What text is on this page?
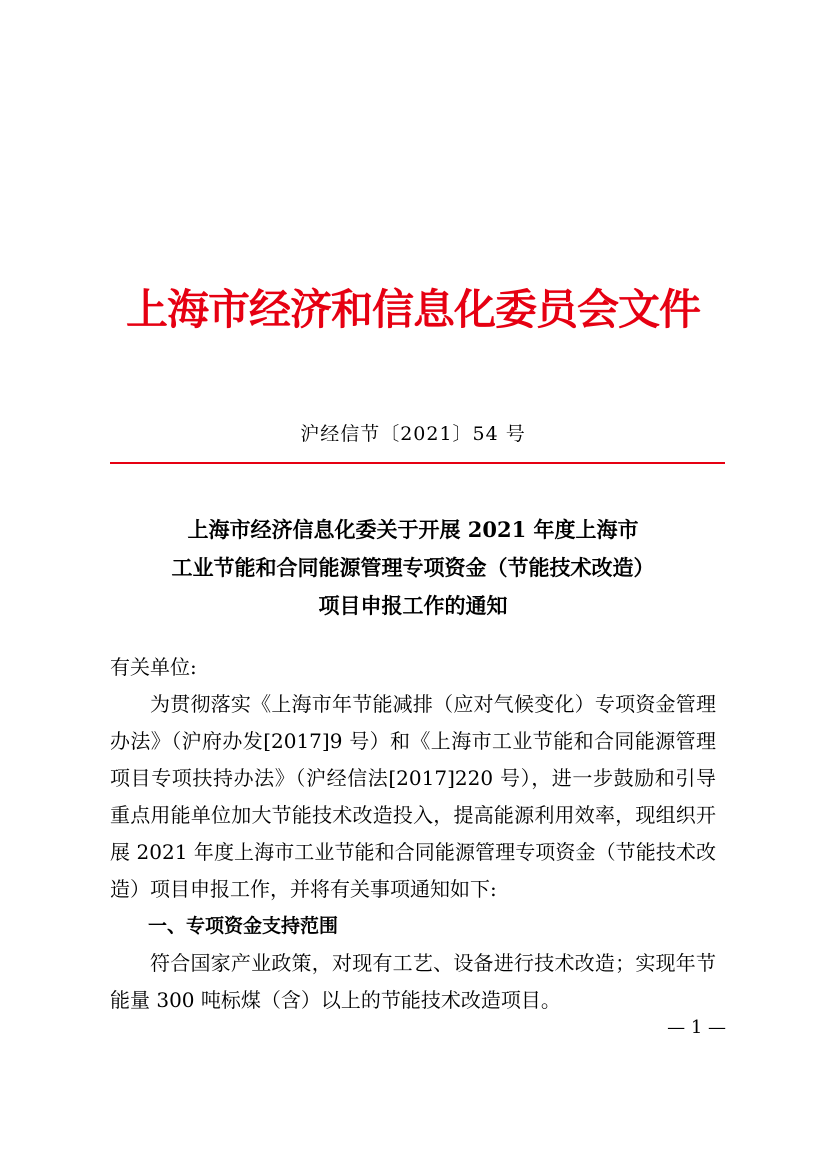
上海市经济和信息化委员会文件
沪经信节〔2021〕54 号
上海市经济信息化委关于开展 2021 年度上海市
工业节能和合同能源管理专项资金（节能技术改造）
项目申报工作的通知

有关单位:

为贯彻落实《上海市年节能减排（应对气候变化）专项资金管理办法》（沪府办发[2017]9 号）和《上海市工业节能和合同能源管理项目专项扶持办法》（沪经信法[2017]220 号），进一步鼓励和引导重点用能单位加大节能技术改造投入，提高能源利用效率，现组织开展 2021 年度上海市工业节能和合同能源管理专项资金（节能技术改造）项目申报工作，并将有关事项通知如下:

一、专项资金支持范围

符合国家产业政策，对现有工艺、设备进行技术改造；实现年节能量 300 吨标煤（含）以上的节能技术改造项目。

— 1 —
